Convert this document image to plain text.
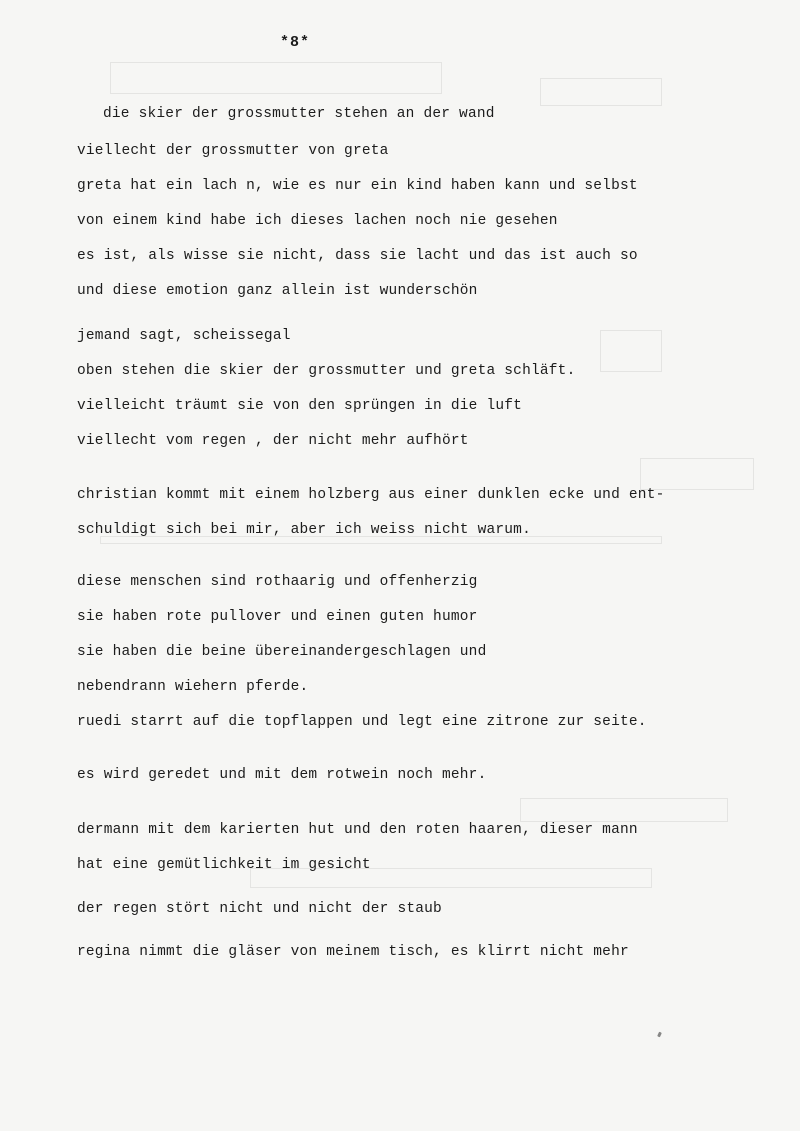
*8*
die skier der grossmutter stehen an der wand
viellecht der grossmutter von greta
greta hat ein lach n, wie es nur ein kind haben kann und selbst
von einem kind habe ich dieses lachen noch nie gesehen
es ist, als wisse sie nicht, dass sie lacht und das ist auch so
und diese emotion ganz allein ist wunderschön
jemand sagt, scheissegal
oben stehen die skier der grossmutter und greta schläft.
vielleicht träumt sie von den sprüngen in die luft
viellecht vom regen , der nicht mehr aufhört
christian kommt mit einem holzberg aus einer dunklen ecke und ent-
schuldigt sich bei mir, aber ich weiss nicht warum.
diese menschen sind rothaarig und offenherzig
sie haben rote pullover und einen guten humor
sie haben die beine übereinandergeschlagen und
nebendrann wiehern pferde.
ruedi starrt auf die topflappen und legt eine zitrone zur seite.
es wird geredet und mit dem rotwein noch mehr.
dermann mit dem karierten hut und den roten haaren, dieser mann
hat eine gemütlichkeit im gesicht
der regen stört nicht und nicht der staub
regina nimmt die gläser von meinem tisch, es klirrt nicht mehr
